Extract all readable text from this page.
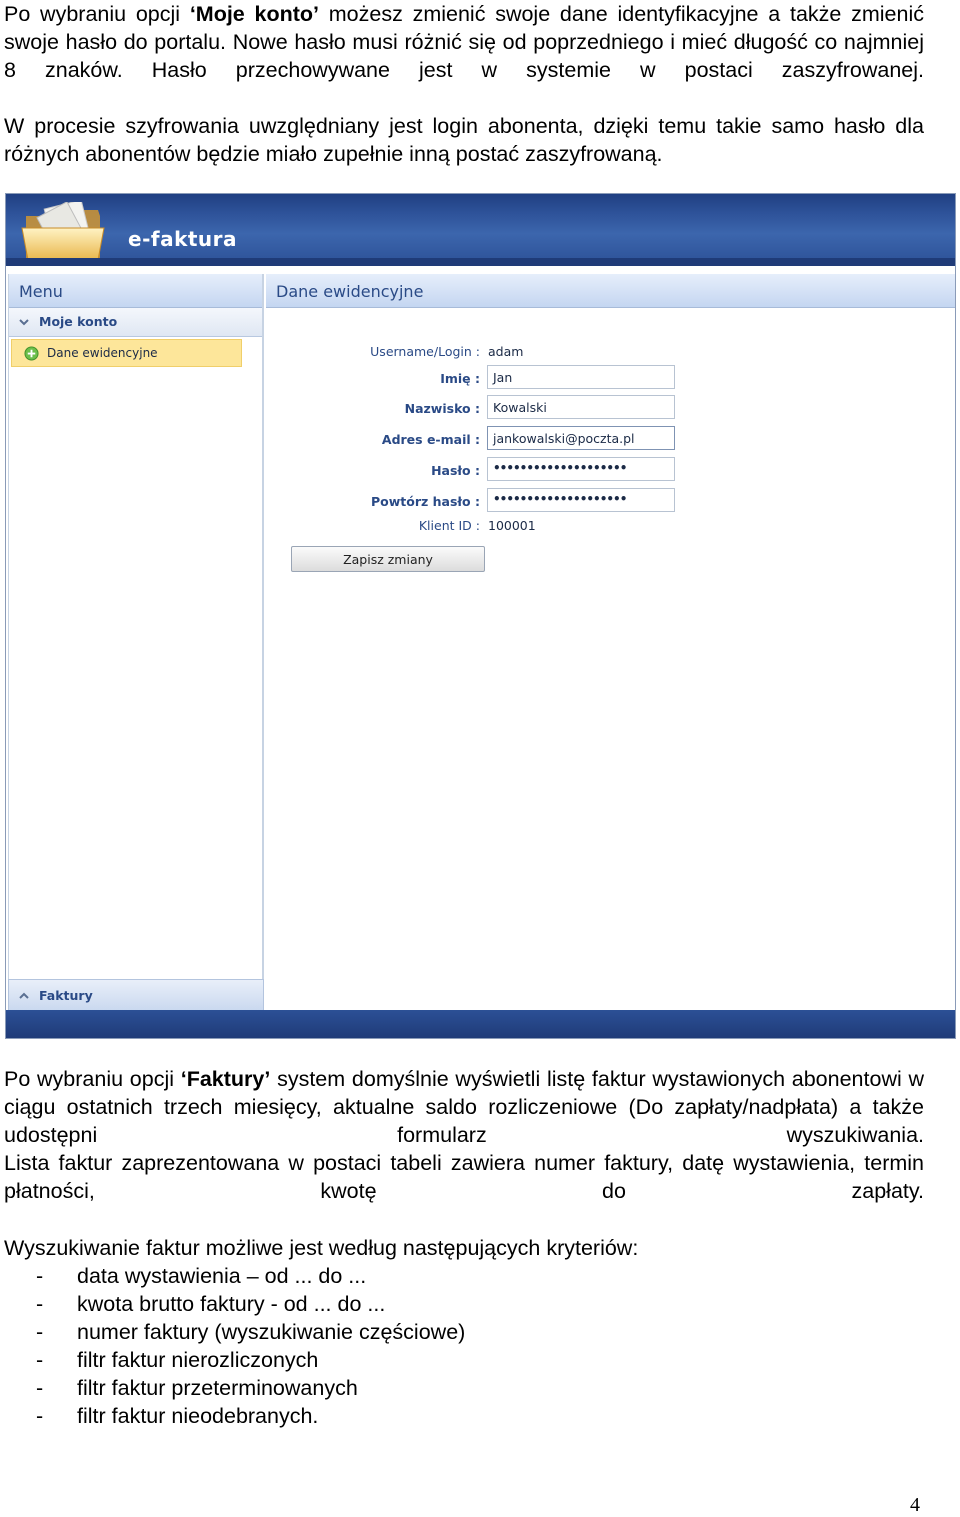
Po wybraniu opcji ‘Moje konto’ możesz zmienić swoje dane identyfikacyjne a także zmienić swoje hasło do portalu. Nowe hasło musi różnić się od poprzedniego i mieć długość co najmniej 8 znaków. Hasło przechowywane jest w systemie w postaci zaszyfrowanej.

W procesie szyfrowania uwzględniany jest login abonenta, dzięki temu takie samo hasło dla różnych abonentów będzie miało zupełnie inną postać zaszyfrowaną.

e-faktura
Menu
Moje konto
Dane ewidencyjne
Faktury
Dane ewidencyjne
Username/Login : adam
Imię :	Jan
Nazwisko :	Kowalski
Adres e-mail :	jankowalski@poczta.pl
Hasło :	••••••••••••••••••••
Powtórz hasło :	••••••••••••••••••••
Klient ID : 100001
Zapisz zmiany

Po wybraniu opcji ‘Faktury’ system domyślnie wyświetli listę faktur wystawionych abonentowi w ciągu ostatnich trzech miesięcy, aktualne saldo rozliczeniowe (Do zapłaty/nadpłata) a także udostępni formularz wyszukiwania.

Lista faktur zaprezentowana w postaci tabeli zawiera numer faktury, datę wystawienia, termin płatności, kwotę do zapłaty.

Wyszukiwanie faktur możliwe jest według następujących kryteriów:

-	data wystawienia – od ... do ...
-	kwota brutto faktury - od ... do ...
-	numer faktury (wyszukiwanie częściowe)
-	filtr faktur nierozliczonych
-	filtr faktur przeterminowanych
-	filtr faktur nieodebranych.
4
